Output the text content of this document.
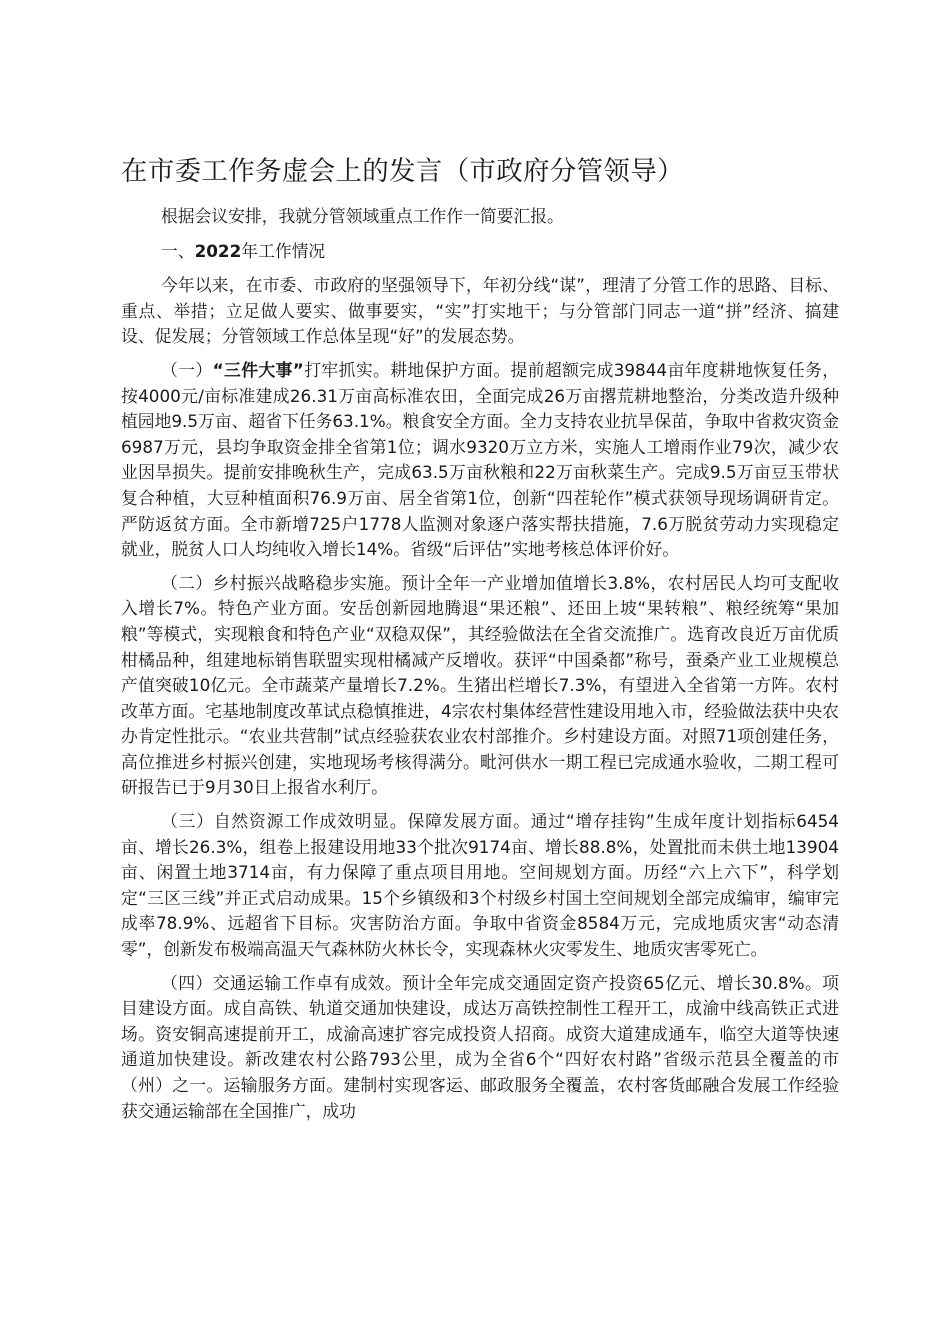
在市委工作务虚会上的发言（市政府分管领导）

根据会议安排，我就分管领域重点工作作一简要汇报。

一、2022年工作情况

今年以来，在市委、市政府的坚强领导下，年初分线“谋”，理清了分管工作的思路、目标、重点、举措；立足做人要实、做事要实，“实”打实地干；与分管部门同志一道“拼”经济、搞建设、促发展；分管领域工作总体呈现“好”的发展态势。

（一）“三件大事”打牢抓实。耕地保护方面。提前超额完成39844亩年度耕地恢复任务，按4000元/亩标准建成26.31万亩高标准农田，全面完成26万亩撂荒耕地整治，分类改造升级种植园地9.5万亩、超省下任务63.1%。粮食安全方面。全力支持农业抗旱保苗，争取中省救灾资金6987万元，县均争取资金排全省第1位；调水9320万立方米，实施人工增雨作业79次，减少农业因旱损失。提前安排晚秋生产，完成63.5万亩秋粮和22万亩秋菜生产。完成9.5万亩豆玉带状复合种植，大豆种植面积76.9万亩、居全省第1位，创新“四茬轮作”模式获领导现场调研肯定。严防返贫方面。全市新增725户1778人监测对象逐户落实帮扶措施，7.6万脱贫劳动力实现稳定就业，脱贫人口人均纯收入增长14%。省级“后评估”实地考核总体评价好。

（二）乡村振兴战略稳步实施。预计全年一产业增加值增长3.8%，农村居民人均可支配收入增长7%。特色产业方面。安岳创新园地腾退“果还粮”、还田上坡“果转粮”、粮经统筹“果加粮”等模式，实现粮食和特色产业“双稳双保”，其经验做法在全省交流推广。选育改良近万亩优质柑橘品种，组建地标销售联盟实现柑橘减产反增收。获评“中国桑都”称号，蚕桑产业工业规模总产值突破10亿元。全市蔬菜产量增长7.2%。生猪出栏增长7.3%，有望进入全省第一方阵。农村改革方面。宅基地制度改革试点稳慎推进，4宗农村集体经营性建设用地入市，经验做法获中央农办肯定性批示。“农业共营制”试点经验获农业农村部推介。乡村建设方面。对照71项创建任务，高位推进乡村振兴创建，实地现场考核得满分。毗河供水一期工程已完成通水验收，二期工程可研报告已于9月30日上报省水利厅。

（三）自然资源工作成效明显。保障发展方面。通过“增存挂钩”生成年度计划指标6454亩、增长26.3%，组卷上报建设用地33个批次9174亩、增长88.8%，处置批而未供土地13904亩、闲置土地3714亩，有力保障了重点项目用地。空间规划方面。历经“六上六下”，科学划定“三区三线”并正式启动成果。15个乡镇级和3个村级乡村国土空间规划全部完成编审，编审完成率78.9%、远超省下目标。灾害防治方面。争取中省资金8584万元，完成地质灾害“动态清零”，创新发布极端高温天气森林防火林长令，实现森林火灾零发生、地质灾害零死亡。

（四）交通运输工作卓有成效。预计全年完成交通固定资产投资65亿元、增长30.8%。项目建设方面。成自高铁、轨道交通加快建设，成达万高铁控制性工程开工，成渝中线高铁正式进场。资安铜高速提前开工，成渝高速扩容完成投资人招商。成资大道建成通车，临空大道等快速通道加快建设。新改建农村公路793公里，成为全省6个“四好农村路”省级示范县全覆盖的市（州）之一。运输服务方面。建制村实现客运、邮政服务全覆盖，农村客货邮融合发展工作经验获交通运输部在全国推广，成功
